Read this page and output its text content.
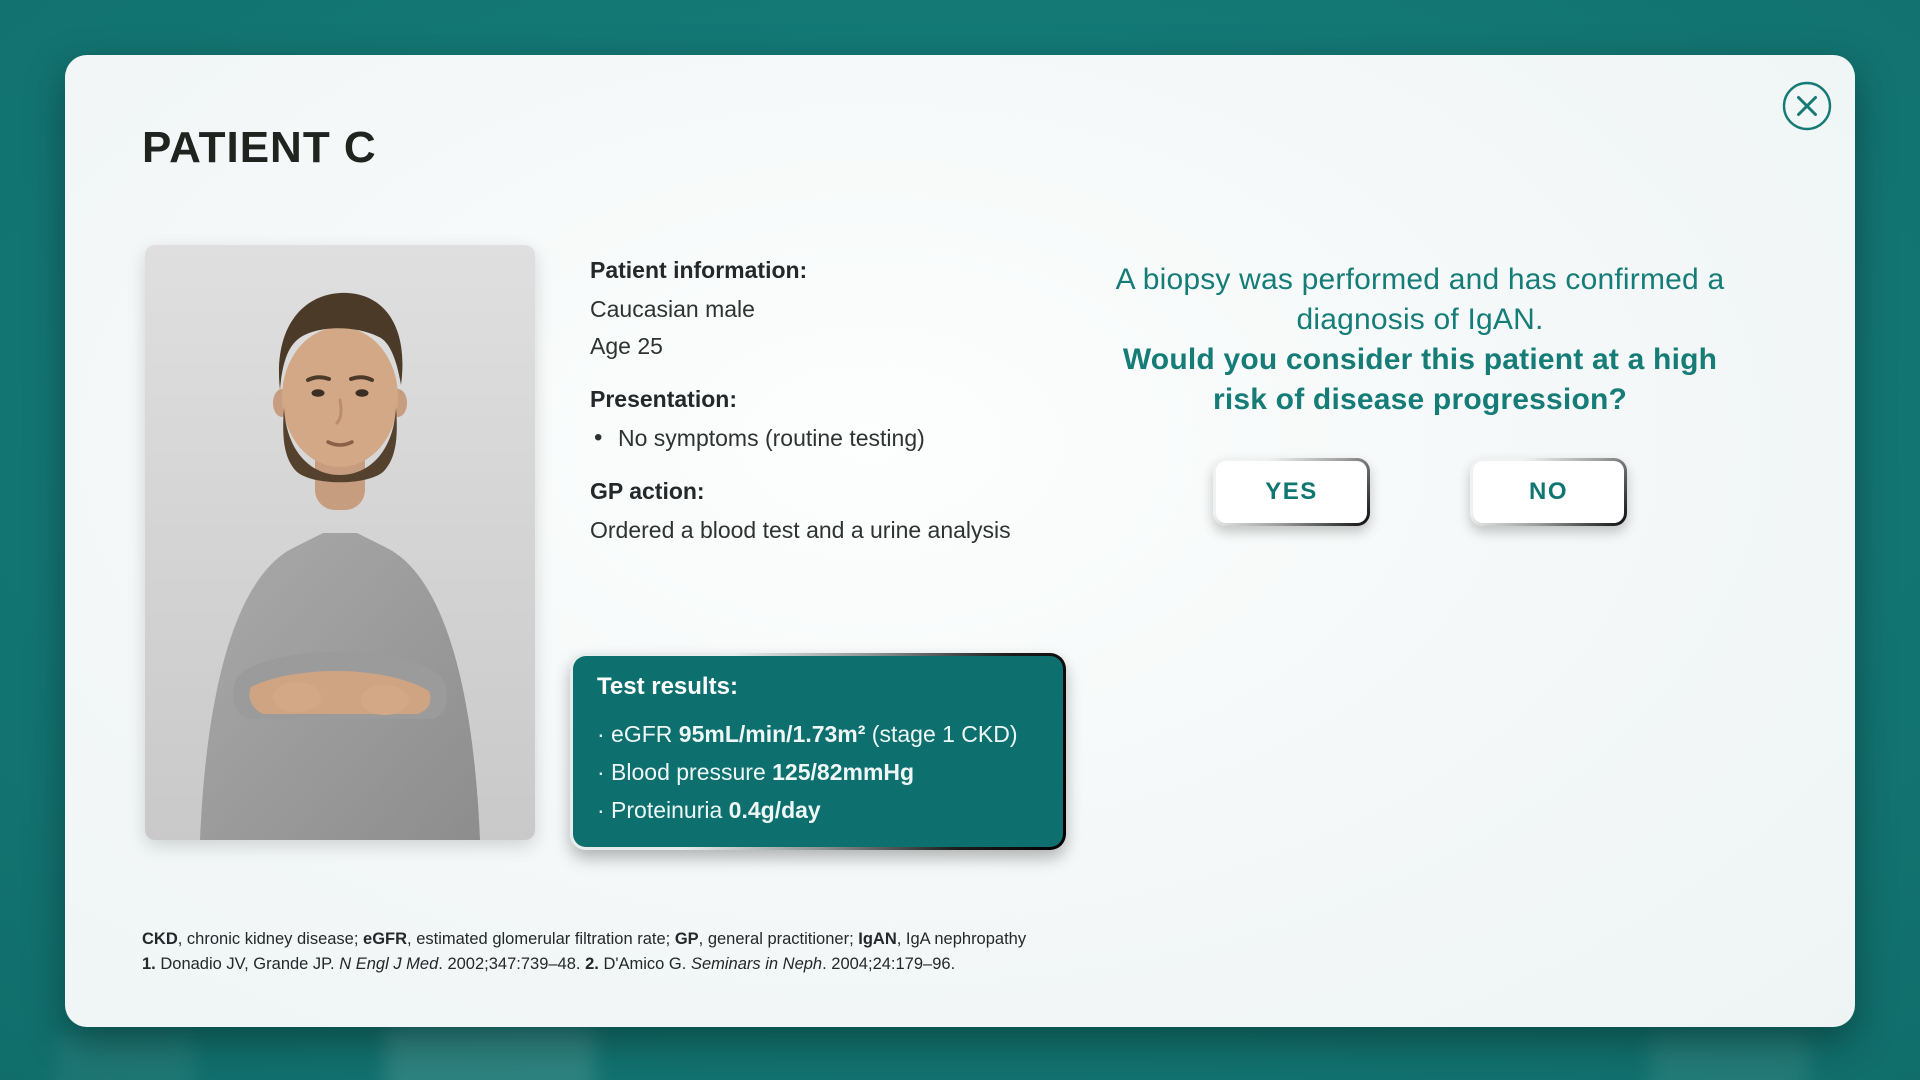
PATIENT C
Patient information:

Caucasian male

Age 25

Presentation:
• No symptoms (routine testing)
GP action:

Ordered a blood test and a urine analysis

Test results:

· eGFR 95mL/min/1.73m² (stage 1 CKD)

· Blood pressure 125/82mmHg

· Proteinuria 0.4g/day

A biopsy was performed and has confirmed a diagnosis of IgAN.

Would you consider this patient at a high risk of disease progression?

YES	NO

CKD, chronic kidney disease; eGFR, estimated glomerular filtration rate; GP, general practitioner; IgAN, IgA nephropathy

1. Donadio JV, Grande JP. N Engl J Med. 2002;347:739–48. 2. D'Amico G. Seminars in Neph. 2004;24:179–96.
